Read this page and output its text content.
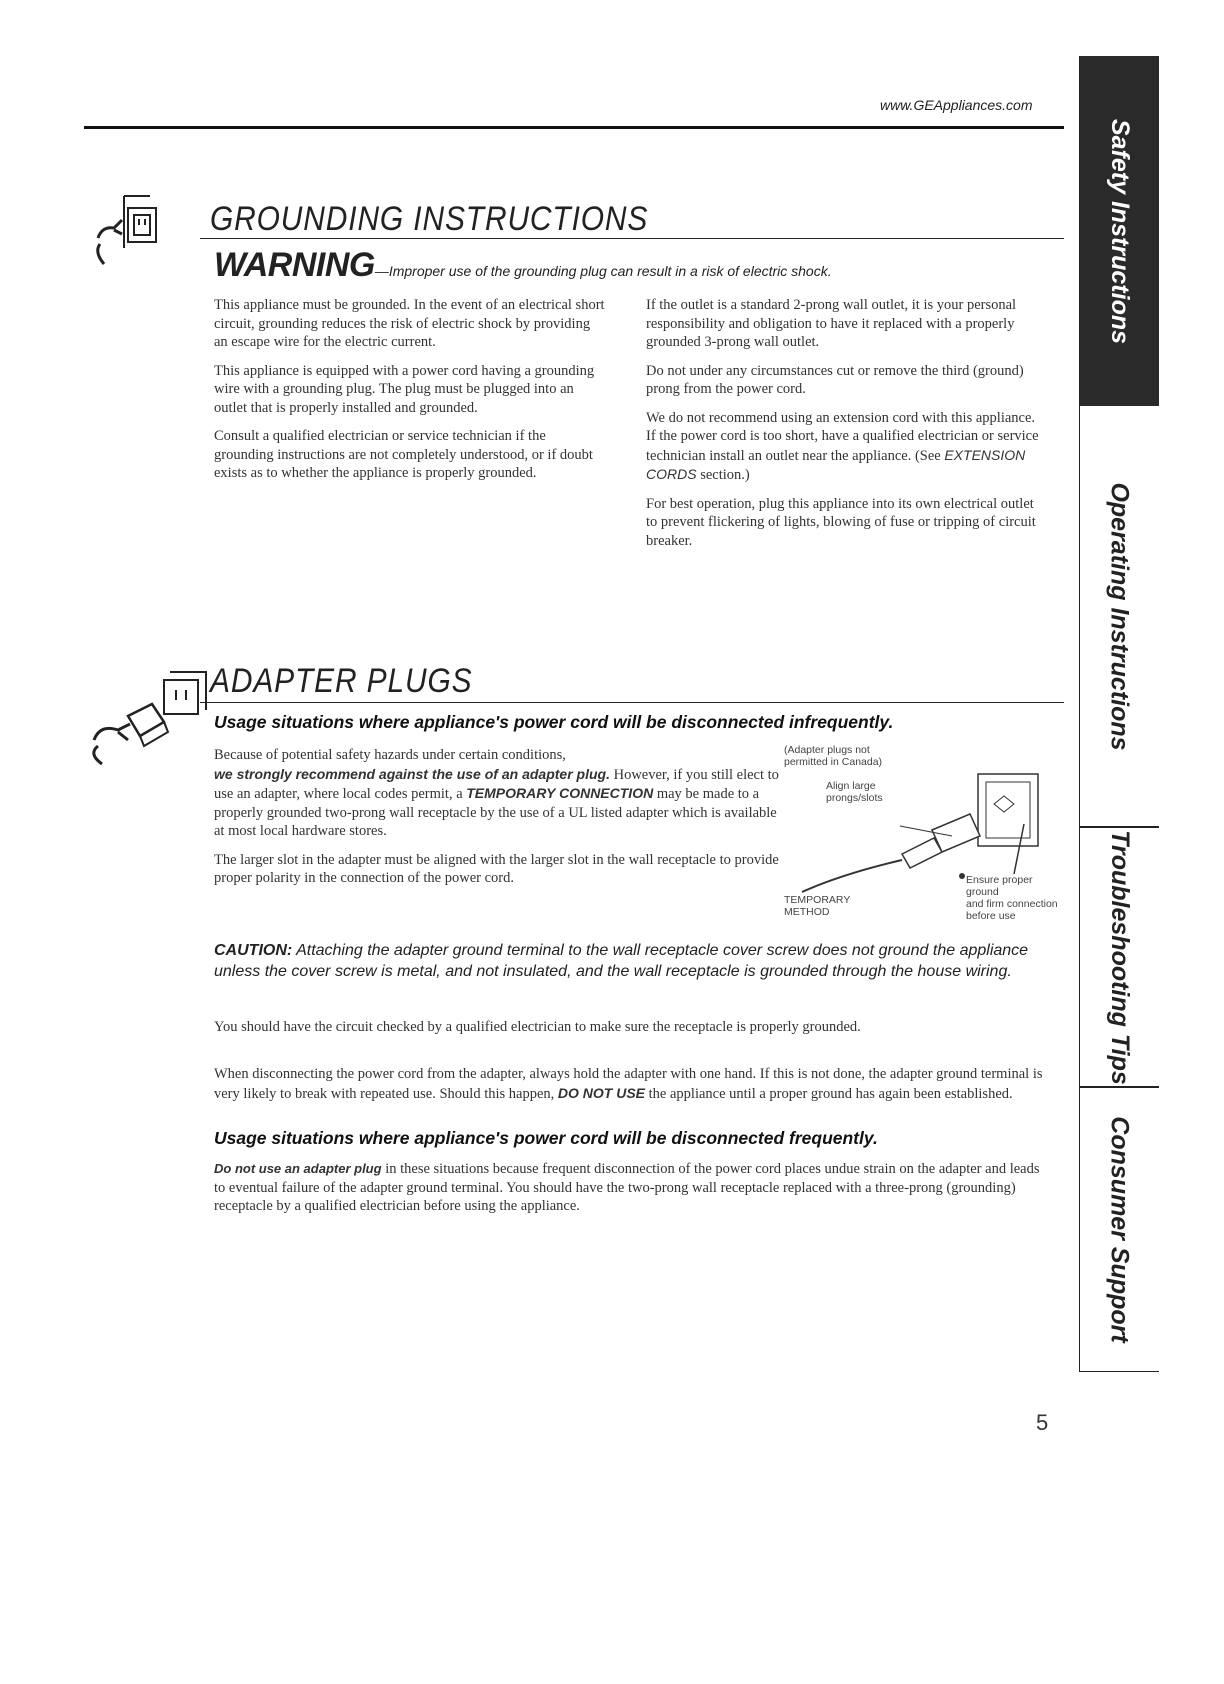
www.GEAppliances.com
GROUNDING INSTRUCTIONS
WARNING—Improper use of the grounding plug can result in a risk of electric shock.

This appliance must be grounded. In the event of an electrical short circuit, grounding reduces the risk of electric shock by providing an escape wire for the electric current.

This appliance is equipped with a power cord having a grounding wire with a grounding plug. The plug must be plugged into an outlet that is properly installed and grounded.

Consult a qualified electrician or service technician if the grounding instructions are not completely understood, or if doubt exists as to whether the appliance is properly grounded.

If the outlet is a standard 2-prong wall outlet, it is your personal responsibility and obligation to have it replaced with a properly grounded 3-prong wall outlet.

Do not under any circumstances cut or remove the third (ground) prong from the power cord.

We do not recommend using an extension cord with this appliance. If the power cord is too short, have a qualified electrician or service technician install an outlet near the appliance. (See EXTENSION CORDS section.)

For best operation, plug this appliance into its own electrical outlet to prevent flickering of lights, blowing of fuse or tripping of circuit breaker.

ADAPTER PLUGS
Usage situations where appliance's power cord will be disconnected infrequently.

Because of potential safety hazards under certain conditions,
we strongly recommend against the use of an adapter plug. However, if you still elect to use an adapter, where local codes permit, a TEMPORARY CONNECTION may be made to a properly grounded two-prong wall receptacle by the use of a UL listed adapter which is available at most local hardware stores.

The larger slot in the adapter must be aligned with the larger slot in the wall receptacle to provide proper polarity in the connection of the power cord.

(Adapter plugs not
permitted in Canada)
Align large
prongs/slots
Ensure proper ground
and firm connection
before use
TEMPORARY
METHOD
CAUTION: Attaching the adapter ground terminal to the wall receptacle cover screw does not ground the appliance unless the cover screw is metal, and not insulated, and the wall receptacle is grounded through the house wiring.

You should have the circuit checked by a qualified electrician to make sure the receptacle is properly grounded.

When disconnecting the power cord from the adapter, always hold the adapter with one hand. If this is not done, the adapter ground terminal is very likely to break with repeated use. Should this happen, DO NOT USE the appliance until a proper ground has again been established.

Usage situations where appliance's power cord will be disconnected frequently.

Do not use an adapter plug in these situations because frequent disconnection of the power cord places undue strain on the adapter and leads to eventual failure of the adapter ground terminal. You should have the two-prong wall receptacle replaced with a three-prong (grounding) receptacle by a qualified electrician before using the appliance.

Safety Instructions
Operating Instructions
Troubleshooting Tips
Consumer Support
5
